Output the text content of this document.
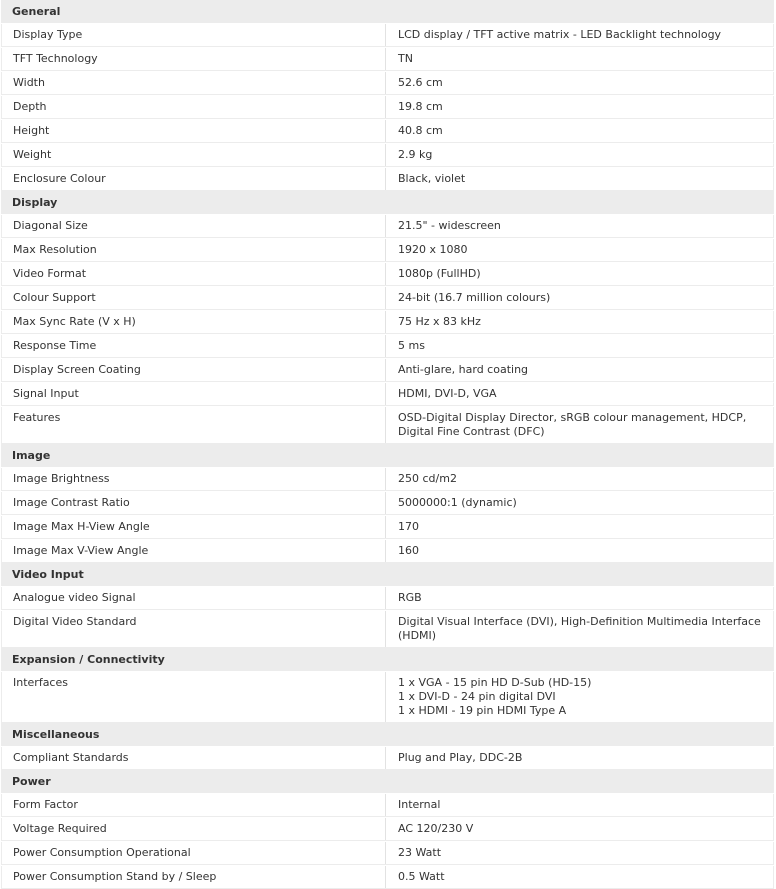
General
Display Type	LCD display / TFT active matrix - LED Backlight technology
TFT Technology	TN
Width	52.6 cm
Depth	19.8 cm
Height	40.8 cm
Weight	2.9 kg
Enclosure Colour	Black, violet
Display
Diagonal Size	21.5" - widescreen
Max Resolution	1920 x 1080
Video Format	1080p (FullHD)
Colour Support	24-bit (16.7 million colours)
Max Sync Rate (V x H)	75 Hz x 83 kHz
Response Time	5 ms
Display Screen Coating	Anti-glare, hard coating
Signal Input	HDMI, DVI-D, VGA
Features	OSD-Digital Display Director, sRGB colour management, HDCP, Digital Fine Contrast (DFC)
Image
Image Brightness	250 cd/m2
Image Contrast Ratio	5000000:1 (dynamic)
Image Max H-View Angle	170
Image Max V-View Angle	160
Video Input
Analogue video Signal	RGB
Digital Video Standard	Digital Visual Interface (DVI), High-Definition Multimedia Interface (HDMI)
Expansion / Connectivity
Interfaces	1 x VGA - 15 pin HD D-Sub (HD-15)
1 x DVI-D - 24 pin digital DVI
1 x HDMI - 19 pin HDMI Type A
Miscellaneous
Compliant Standards	Plug and Play, DDC-2B
Power
Form Factor	Internal
Voltage Required	AC 120/230 V
Power Consumption Operational	23 Watt
Power Consumption Stand by / Sleep	0.5 Watt
